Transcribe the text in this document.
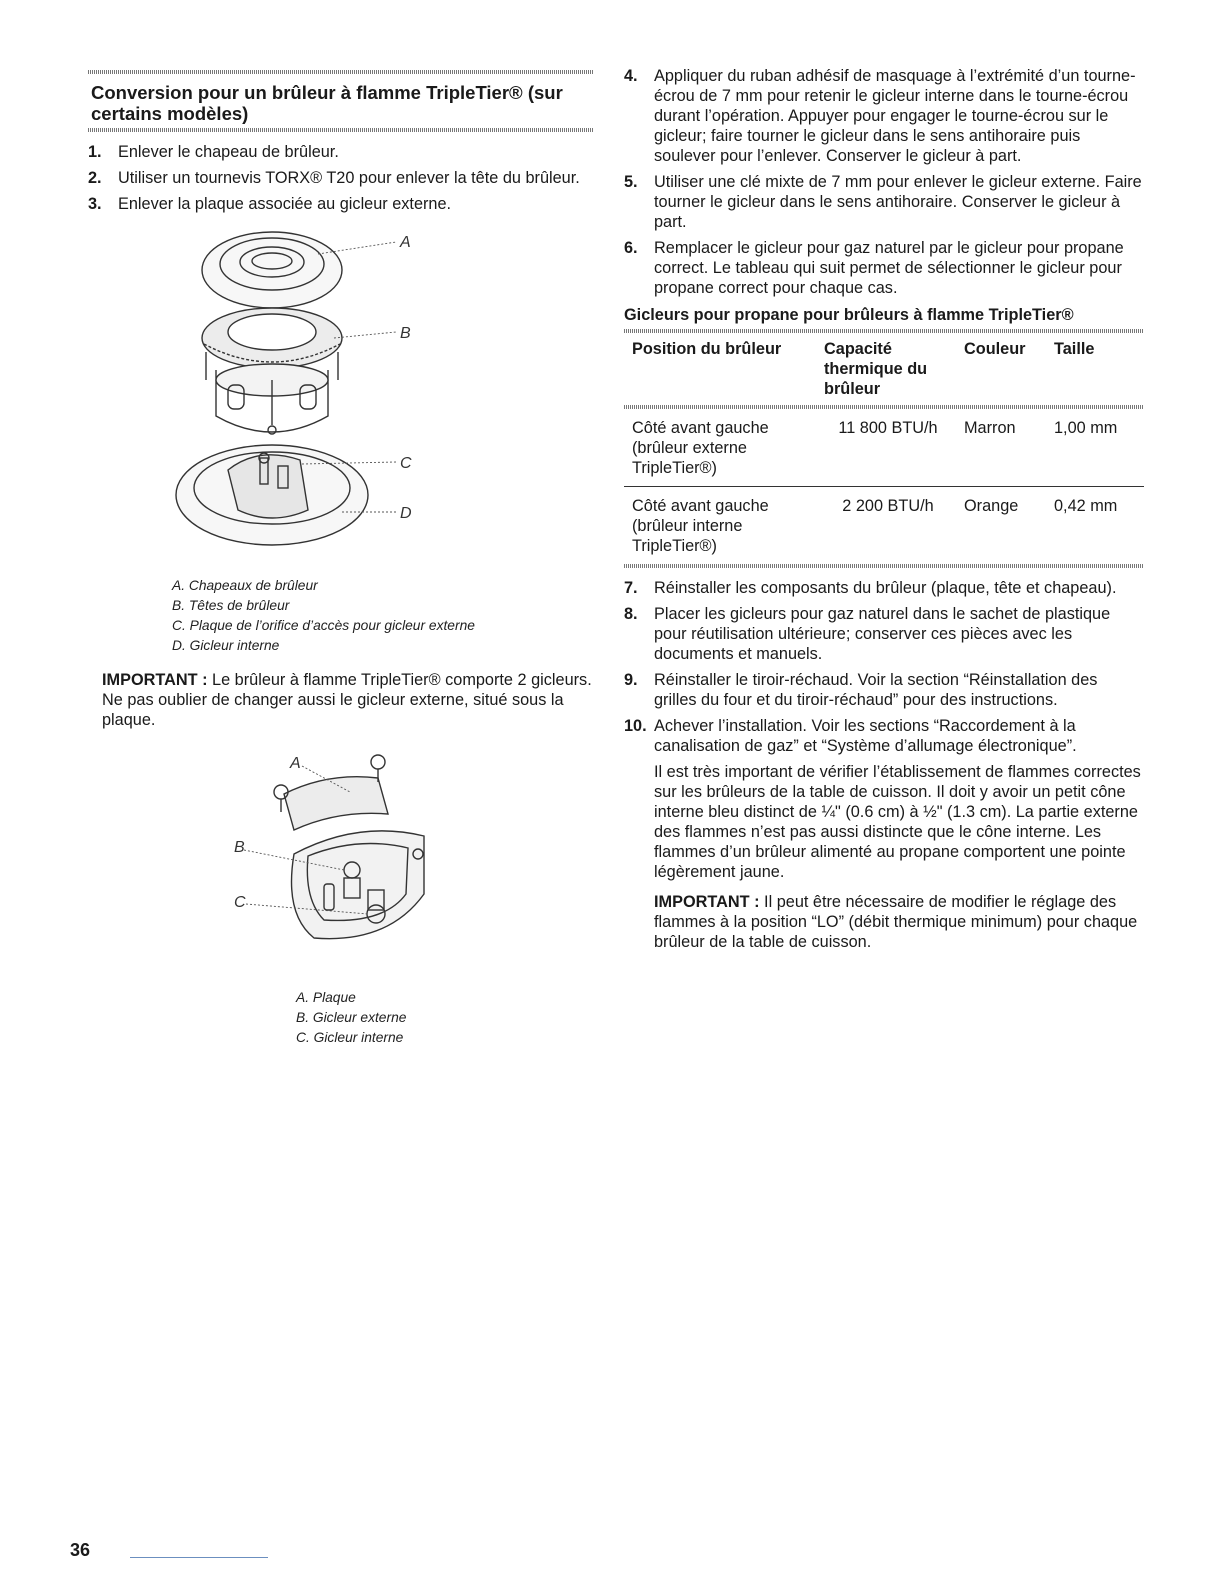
Conversion pour un brûleur à flamme TripleTier® (sur certains modèles)
1. Enlever le chapeau de brûleur.
2. Utiliser un tournevis TORX® T20 pour enlever la tête du brûleur.
3. Enlever la plaque associée au gicleur externe.
A
B
C
D
A. Chapeaux de brûleur
B. Têtes de brûleur
C. Plaque de l’orifice d’accès pour gicleur externe
D. Gicleur interne

IMPORTANT : Le brûleur à flamme TripleTier® comporte 2 gicleurs. Ne pas oublier de changer aussi le gicleur externe, situé sous la plaque.

A
B
C
A. Plaque
B. Gicleur externe
C. Gicleur interne
4. Appliquer du ruban adhésif de masquage à l’extrémité d’un tourne-écrou de 7 mm pour retenir le gicleur interne dans le tourne-écrou durant l’opération. Appuyer pour engager le tourne-écrou sur le gicleur; faire tourner le gicleur dans le sens antihoraire puis soulever pour l’enlever. Conserver le gicleur à part.
5. Utiliser une clé mixte de 7 mm pour enlever le gicleur externe. Faire tourner le gicleur dans le sens antihoraire. Conserver le gicleur à part.
6. Remplacer le gicleur pour gaz naturel par le gicleur pour propane correct. Le tableau qui suit permet de sélectionner le gicleur pour propane correct pour chaque cas.
Gicleurs pour propane pour brûleurs à flamme TripleTier®
Position du brûleur	Capacité thermique du brûleur	Couleur	Taille

Côté avant gauche (brûleur externe TripleTier®)	11 800 BTU/h	Marron	1,00 mm

Côté avant gauche (brûleur interne TripleTier®)	2 200 BTU/h	Orange	0,42 mm
7. Réinstaller les composants du brûleur (plaque, tête et chapeau).
8. Placer les gicleurs pour gaz naturel dans le sachet de plastique pour réutilisation ultérieure; conserver ces pièces avec les documents et manuels.
9. Réinstaller le tiroir-réchaud. Voir la section “Réinstallation des grilles du four et du tiroir-réchaud” pour des instructions.
10. Achever l’installation. Voir les sections “Raccordement à la canalisation de gaz” et “Système d’allumage électronique”.

Il est très important de vérifier l’établissement de flammes correctes sur les brûleurs de la table de cuisson. Il doit y avoir un petit cône interne bleu distinct de ¼" (0.6 cm) à ½" (1.3 cm). La partie externe des flammes n’est pas aussi distincte que le cône interne. Les flammes d’un brûleur alimenté au propane comportent une pointe légèrement jaune.

IMPORTANT : Il peut être nécessaire de modifier le réglage des flammes à la position “LO” (débit thermique minimum) pour chaque brûleur de la table de cuisson.

36
